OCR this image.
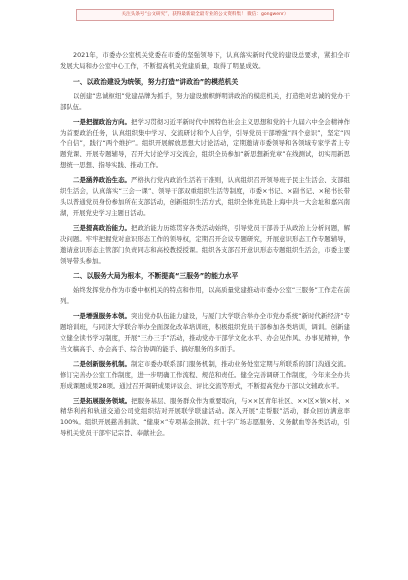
关注头条号“公文研究”，获得最新最全最专业的公文资料集！ 微信：gongwenr）

2021年，市委办公室机关党委在市委的坚强领导下，认真落实新时代党的建设总要求，紧扣全市发展大局和办公室中心工作，不断提高机关党建质量，取得了明显成效。

一、以政治建设为统领，努力打造“讲政治”的模范机关

以创建“忠诚枢纽”党建品牌为抓手，努力建设旗帜鲜明讲政治的模范机关，打造绝对忠诚的党办干部队伍。

一是把握政治方向。把学习贯彻习近平新时代中国特色社会主义思想和党的十九届六中全会精神作为首要政治任务，认真组织集中学习、交流研讨和个人自学，引导党员干部增强“四个意识”，坚定“四个自信”，践行“两个维护”。组织开展解放思想大讨论活动，定期邀请市委领导和各领域专家学者上专题党课、开展专题辅导，召开大讨论学习交流会，组织全员参加“新思想新党章”在线测试，切实用新思想统一思想、指导实践、推动工作。

二是涵养政治生态。严格执行党内政治生活若干准则，认真组织召开领导班子民主生活会、支部组织生活会，认真落实“三会一课”、领导干部双重组织生活等制度，市委×书记、×副书记、×秘书长带头以普通党员身份参加所在支部活动，创新组织生活方式，组织全体党员赴上海中共一大会址和嘉兴南湖，开展党史学习主题日活动。

三是提高政治能力。把政治能力历练贯穿各类活动始终，引导党员干部善于从政治上分析问题，解决问题。牢牢把握党对意识形态工作的领导权，定期召开会议专题研究，开展意识形态工作专题辅导，邀请意识形态主管部门负责同志和高校教授授课。组织各支部召开意识形态专题组织生活会，市委主要领导带头参加。

二、以服务大局为根本，不断提高“三服务”的能力水平

始终发挥党办作为市委中枢机关的特点和作用，以高质量党建推动市委办公室“三服务”工作走在前列。

一是增强服务本领。突出党办队伍能力建设，与厦门大学联合举办全市党办系统“新时代新经济”专题培训班，与同济大学联合举办全面深化改革培训班，积极组织党员干部参加各类培训，调训。创新建立健全读书学习制度，开展“三办三手”活动，推动党办干部学文化水平、办会见作风、办事见精神，争当文稿高手、办会高手、综合协调的能手、搞好服务的多面手。

二是创新服务机制。制定市委办联系部门服务机制，推动业务处室定期与所联系的部门沟通交流。修订完善办公室工作制度，进一步明确工作流程、规范和责任。健全完善调研工作制度，今年来全办共形成课题成果28项。通过召开调研成果评议会、评比交流等形式，不断提高党办干部以文辅政水平。

三是拓展服务领域。把服务基层、服务群众作为重要取向，与××区青年社区、××区×镇×村、×精华利药和轨道交通公司党组织结对开展联学联建活动。深入开展“走帮服”活动，群众回访满意率100%。组织开展慈善捐款、“健康×”专项基金捐款、红十字广场志愿服务、义务献血等各类活动，引导机关党员干部牢记宗旨、奉献社会。
